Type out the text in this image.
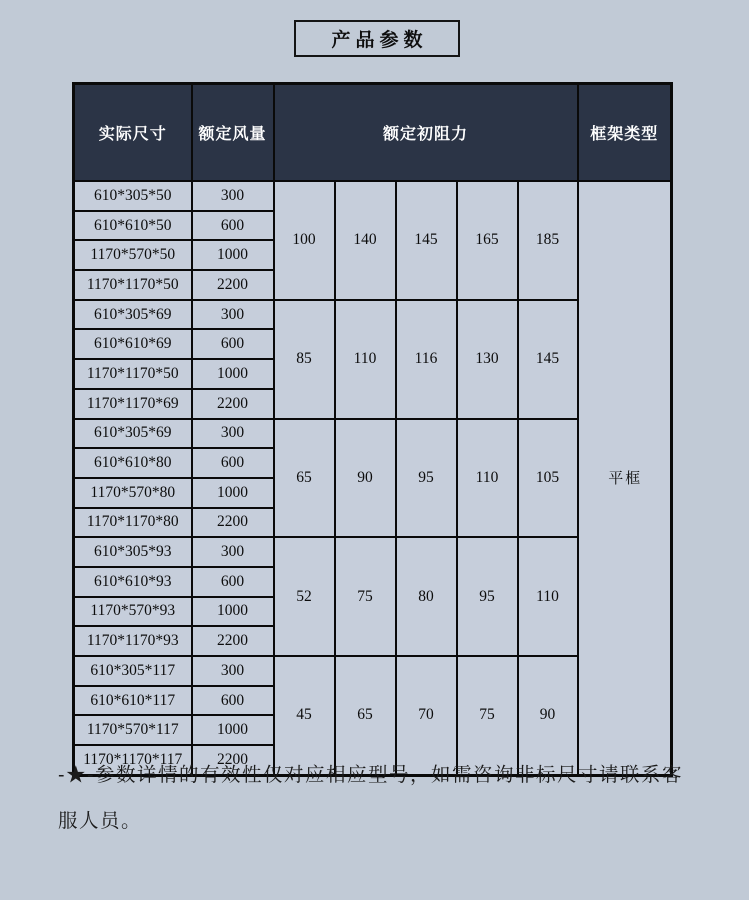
产品参数
实际尺寸	额定风量	额定初阻力					框架类型
610*305*50	300	100	140	145	165	185	平框
610*610*50	600						
1170*570*50	1000						
1170*1170*50	2200						
610*305*69	300	85	110	116	130	145	
610*610*69	600						
1170*1170*50	1000						
1170*1170*69	2200						
610*305*69	300	65	90	95	110	105	
610*610*80	600						
1170*570*80	1000						
1170*1170*80	2200						
610*305*93	300	52	75	80	95	110	
610*610*93	600						
1170*570*93	1000						
1170*1170*93	2200						
610*305*117	300	45	65	70	75	90	
610*610*117	600						
1170*570*117	1000						
1170*1170*117	2200						
-★-参数详情的有效性仅对应相应型号，如需咨询非标尺寸请联系客服人员。
